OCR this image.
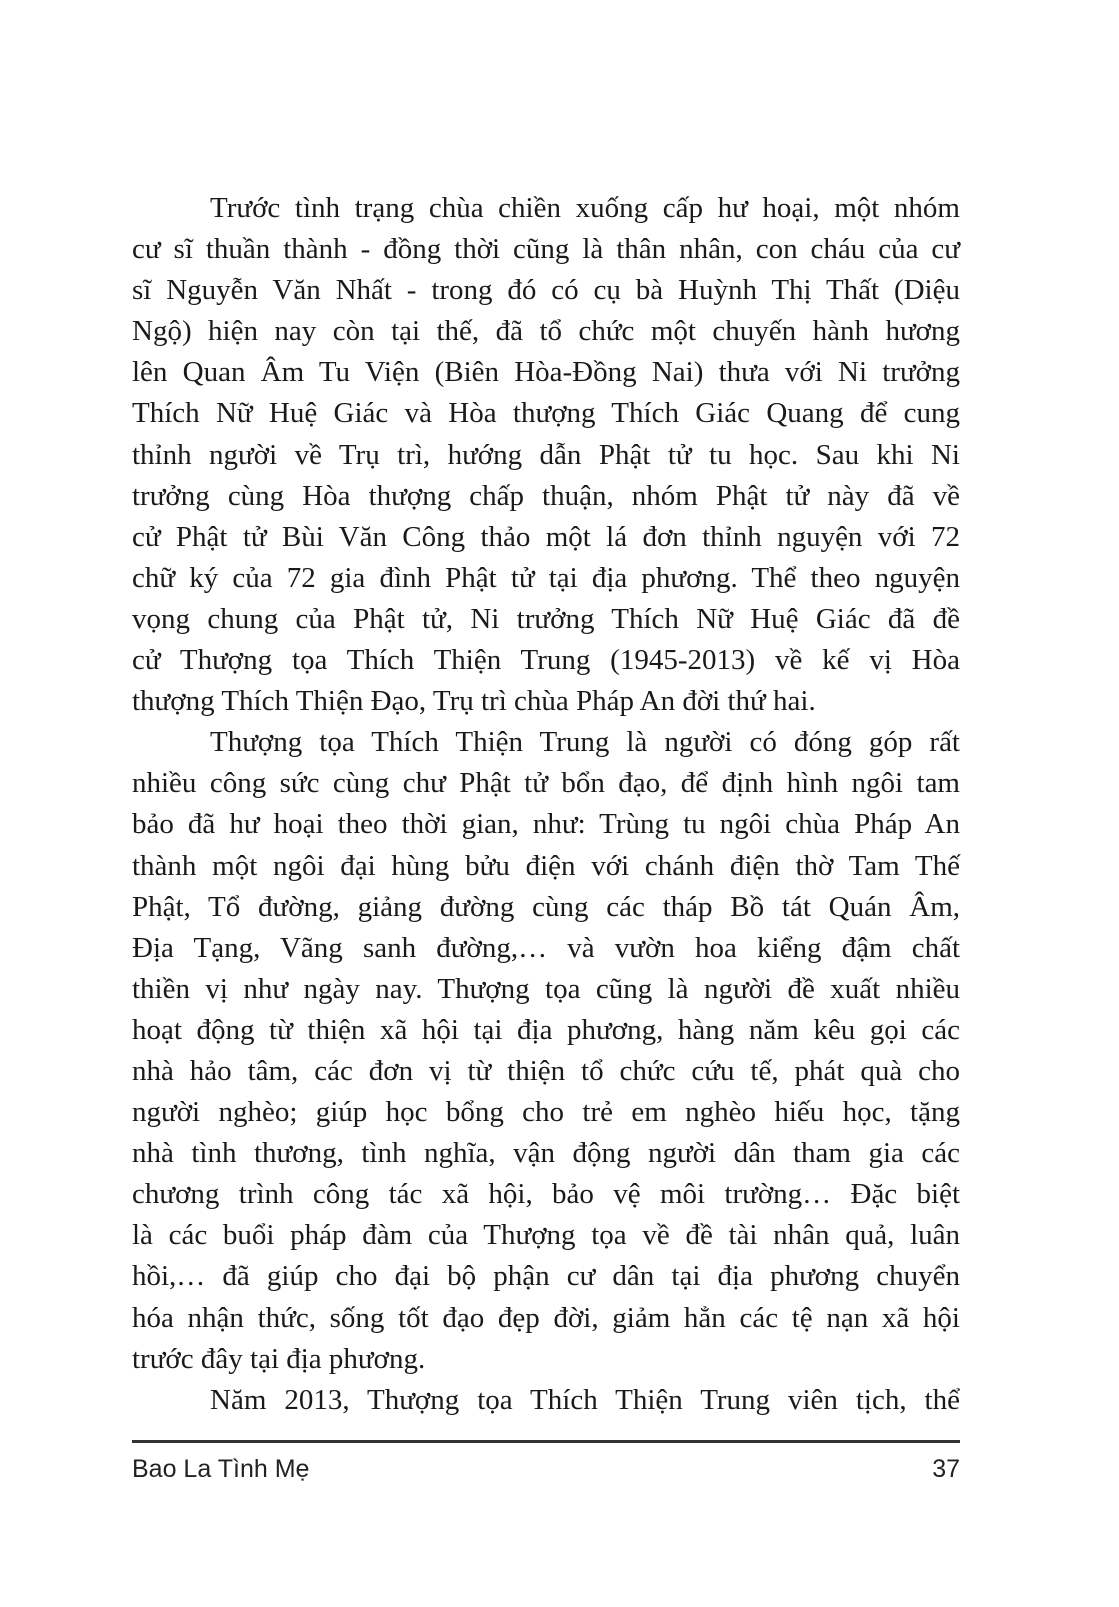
Trước tình trạng chùa chiền xuống cấp hư hoại, một nhóm
cư sĩ thuần thành - đồng thời cũng là thân nhân, con cháu của cư
sĩ Nguyễn Văn Nhất - trong đó có cụ bà Huỳnh Thị Thất (Diệu
Ngộ) hiện nay còn tại thế, đã tổ chức một chuyến hành hương
lên Quan Âm Tu Viện (Biên Hòa-Đồng Nai) thưa với Ni trưởng
Thích Nữ Huệ Giác và Hòa thượng Thích Giác Quang để cung
thỉnh người về Trụ trì, hướng dẫn Phật tử tu học. Sau khi Ni
trưởng cùng Hòa thượng chấp thuận, nhóm Phật tử này đã về
cử Phật tử Bùi Văn Công thảo một lá đơn thỉnh nguyện với 72
chữ ký của 72 gia đình Phật tử tại địa phương. Thể theo nguyện
vọng chung của Phật tử, Ni trưởng Thích Nữ Huệ Giác đã đề
cử Thượng tọa Thích Thiện Trung (1945-2013) về kế vị Hòa
thượng Thích Thiện Đạo, Trụ trì chùa Pháp An đời thứ hai.

Thượng tọa Thích Thiện Trung là người có đóng góp rất
nhiều công sức cùng chư Phật tử bổn đạo, để định hình ngôi tam
bảo đã hư hoại theo thời gian, như: Trùng tu ngôi chùa Pháp An
thành một ngôi đại hùng bửu điện với chánh điện thờ Tam Thế
Phật, Tổ đường, giảng đường cùng các tháp Bồ tát Quán Âm,
Địa Tạng, Vãng sanh đường,… và vườn hoa kiểng đậm chất
thiền vị như ngày nay. Thượng tọa cũng là người đề xuất nhiều
hoạt động từ thiện xã hội tại địa phương, hàng năm kêu gọi các
nhà hảo tâm, các đơn vị từ thiện tổ chức cứu tế, phát quà cho
người nghèo; giúp học bổng cho trẻ em nghèo hiếu học, tặng
nhà tình thương, tình nghĩa, vận động người dân tham gia các
chương trình công tác xã hội, bảo vệ môi trường… Đặc biệt
là các buổi pháp đàm của Thượng tọa về đề tài nhân quả, luân
hồi,… đã giúp cho đại bộ phận cư dân tại địa phương chuyển
hóa nhận thức, sống tốt đạo đẹp đời, giảm hẳn các tệ nạn xã hội
trước đây tại địa phương.

Năm 2013, Thượng tọa Thích Thiện Trung viên tịch, thể

Bao La Tình Mẹ	37
